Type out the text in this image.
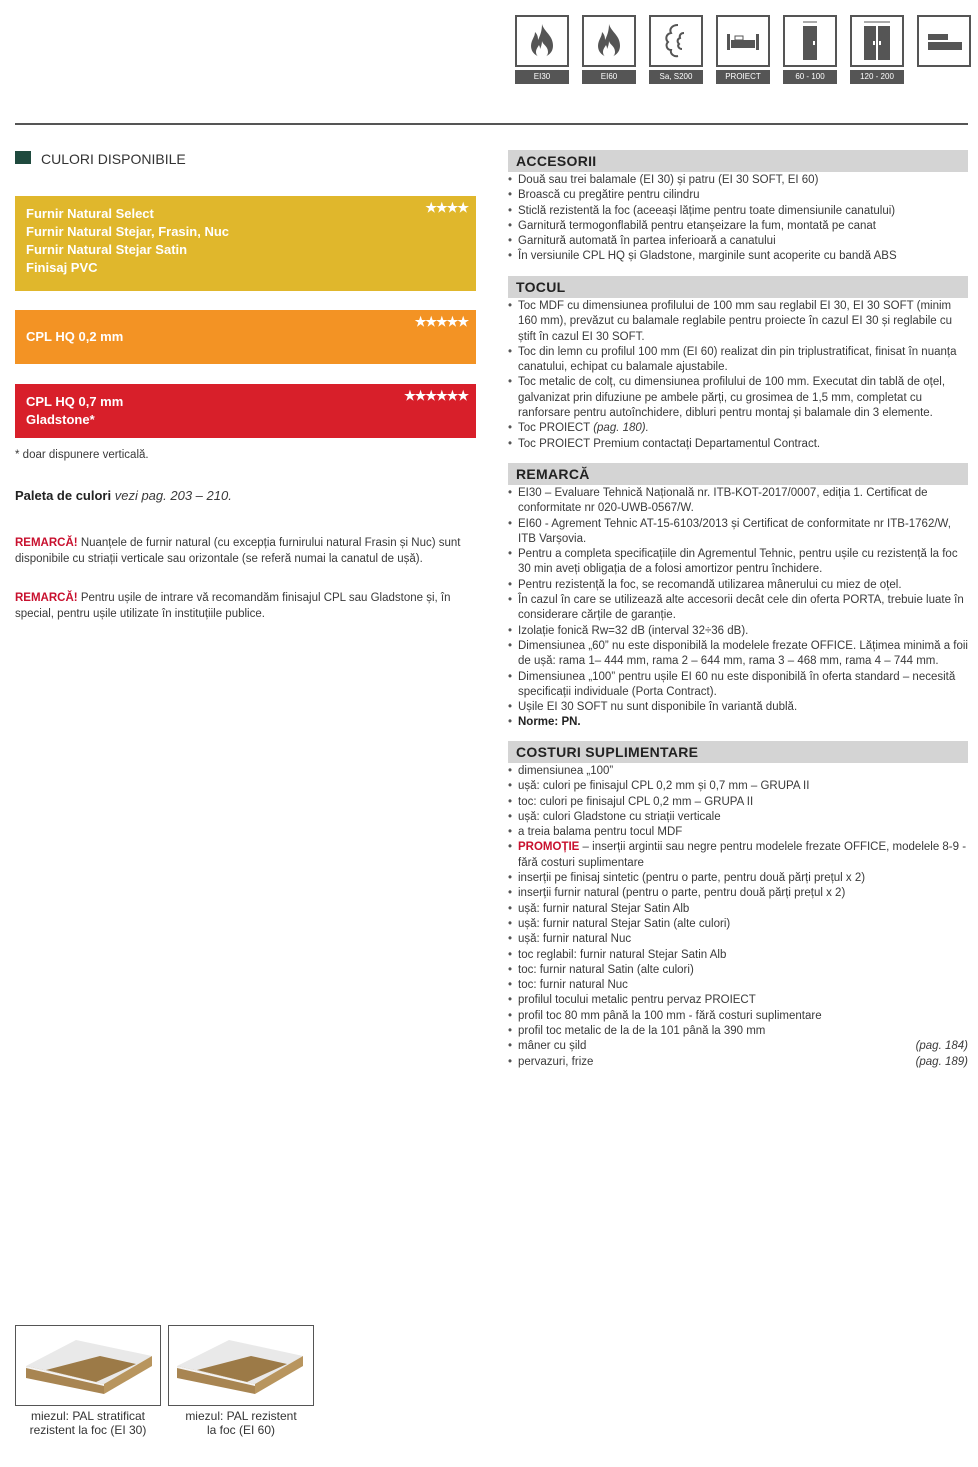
EI30	EI60	Sa, S200	PROIECT	60 - 100	120 - 200
CULORI DISPONIBILE
Furnir Natural Select
Furnir Natural Stejar, Frasin, Nuc
Furnir Natural Stejar Satin
Finisaj PVC
★★★★
CPL HQ 0,2 mm
★★★★★
CPL HQ 0,7 mm
Gladstone*
★★★★★★
* doar dispunere verticală.
Paleta de culori vezi pag. 203 – 210.
REMARCĂ! Nuanțele de furnir natural (cu excepția furnirului natural Frasin și Nuc) sunt disponibile cu striații verticale sau orizontale (se referă numai la canatul de ușă).
REMARCĂ! Pentru ușile de intrare vă recomandăm finisajul CPL sau Gladstone și, în special, pentru ușile utilizate în instituțiile publice.
ACCESORII
• Două sau trei balamale (EI 30) și patru (EI 30 SOFT, EI 60)
• Broască cu pregătire pentru cilindru
• Sticlă rezistentă la foc (aceeași lățime pentru toate dimensiunile canatului)
• Garnitură termogonflabilă pentru etanșeizare la fum, montată pe canat
• Garnitură automată în partea inferioară a canatului
• În versiunile CPL HQ și Gladstone, marginile sunt acoperite cu bandă ABS
TOCUL
• Toc MDF cu dimensiunea profilului de 100 mm sau reglabil EI 30, EI 30 SOFT (minim 160 mm), prevăzut cu balamale reglabile pentru proiecte în cazul EI 30 și reglabile cu știft în cazul EI 30 SOFT.
• Toc din lemn cu profilul 100 mm (EI 60) realizat din pin triplustratificat, finisat în nuanța canatului, echipat cu balamale ajustabile.
• Toc metalic de colț, cu dimensiunea profilului de 100 mm. Executat din tablă de oțel, galvanizat prin difuziune pe ambele părți, cu grosimea de 1,5 mm, completat cu ranforsare pentru autoînchidere, dibluri pentru montaj și balamale din 3 elemente.
• Toc PROIECT (pag. 180).
• Toc PROIECT Premium contactați Departamentul Contract.
REMARCĂ
• EI30 – Evaluare Tehnică Națională nr. ITB-KOT-2017/0007, ediția 1. Certificat de conformitate nr 020-UWB-0567/W.
• EI60 - Agrement Tehnic AT-15-6103/2013 și Certificat de conformitate nr ITB-1762/W, ITB Varșovia.
• Pentru a completa specificațiile din Agrementul Tehnic, pentru ușile cu rezistență la foc 30 min aveți obligația de a folosi amortizor pentru închidere.
• Pentru rezistență la foc, se recomandă utilizarea mânerului cu miez de oțel.
• În cazul în care se utilizează alte accesorii decât cele din oferta PORTA, trebuie luate în considerare cărțile de garanție.
• Izolație fonică Rw=32 dB (interval 32÷36 dB).
• Dimensiunea „60” nu este disponibilă la modelele frezate OFFICE. Lățimea minimă a foii de ușă: rama 1– 444 mm, rama 2 – 644 mm, rama 3 – 468 mm, rama 4 – 744 mm.
• Dimensiunea „100” pentru ușile EI 60 nu este disponibilă în oferta standard – necesită specificații individuale (Porta Contract).
• Ușile EI 30 SOFT nu sunt disponibile în variantă dublă.
• Norme: PN.
COSTURI SUPLIMENTARE
• dimensiunea „100”
• ușă: culori pe finisajul CPL 0,2 mm și 0,7 mm – GRUPA II
• toc: culori pe finisajul CPL 0,2 mm – GRUPA II
• ușă: culori Gladstone cu striații verticale
• a treia balama pentru tocul MDF
• PROMOȚIE – inserții argintii sau negre pentru modelele frezate OFFICE, modelele 8-9 - fără costuri suplimentare
• inserții pe finisaj sintetic (pentru o parte, pentru două părți prețul x 2)
• inserții furnir natural (pentru o parte, pentru două părți prețul x 2)
• ușă: furnir natural Stejar Satin Alb
• ușă: furnir natural Stejar Satin (alte culori)
• ușă: furnir natural Nuc
• toc reglabil: furnir natural Stejar Satin Alb
• toc: furnir natural Satin (alte culori)
• toc: furnir natural Nuc
• profilul tocului metalic pentru pervaz PROIECT
• profil toc 80 mm până la 100 mm - fără costuri suplimentare
• profil toc metalic de la de la 101 până la 390 mm
• mâner cu șild	(pag. 184)
• pervazuri, frize	(pag. 189)
miezul: PAL stratificat
rezistent la foc (EI 30)
miezul: PAL rezistent
la foc (EI 60)
